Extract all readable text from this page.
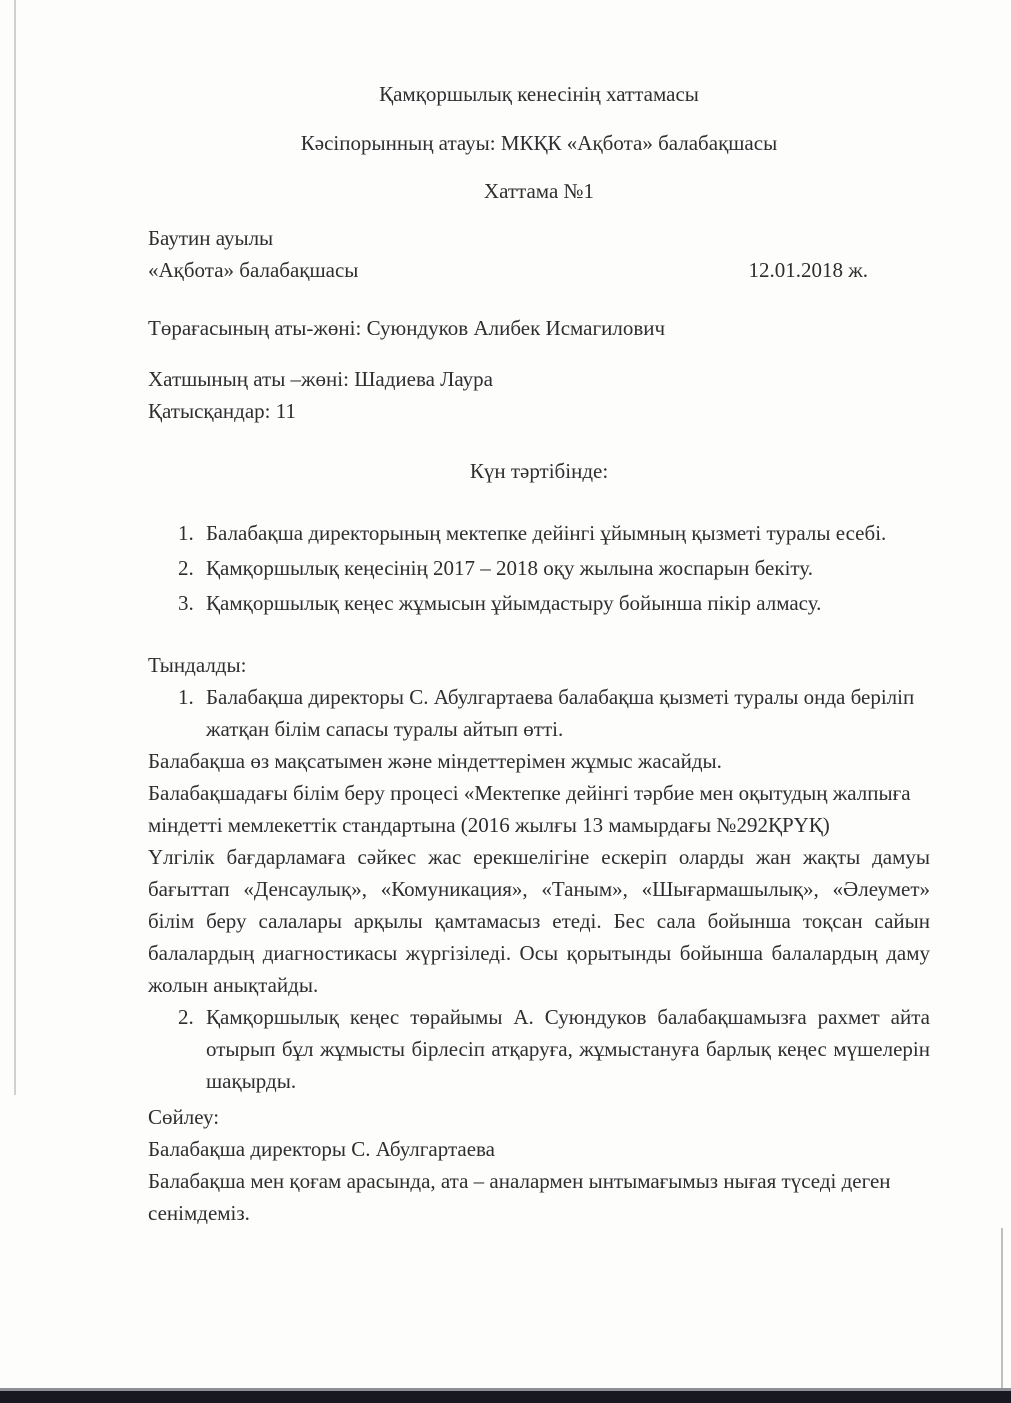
Қамқоршылық кенесінің хаттамасы
Кәсіпорынның атауы: МКҚК «Ақбота» балабақшасы
Хаттама №1

Баутин ауылы

«Ақбота» балабақшасы	12.01.2018 ж.

Төрағасының аты-жөні: Суюндуков Алибек Исмагилович

Хатшының аты –жөні: Шадиева Лаура

Қатысқандар: 11

Күн тәртібінде:

1. Балабақша директорының мектепке дейінгі ұйымның қызметі туралы есебі.
2. Қамқоршылық кеңесінің 2017 – 2018 оқу жылына жоспарын бекіту.
3. Қамқоршылық кеңес жұмысын ұйымдастыру бойынша пікір алмасу.

Тындалды:

1. Балабақша директоры С. Абулгартаева балабақша қызметі туралы онда беріліп жатқан білім сапасы туралы айтып өтті.

Балабақша өз мақсатымен және міндеттерімен жұмыс жасайды.

Балабақшадағы білім беру процесі «Мектепке дейінгі тәрбие мен оқытудың жалпыға міндетті мемлекеттік стандартына (2016 жылғы 13 мамырдағы №292ҚРҮҚ)

Үлгілік бағдарламаға сәйкес жас ерекшелігіне ескеріп оларды жан жақты дамуы бағыттап «Денсаулық», «Комуникация», «Таным», «Шығармашылық», «Әлеумет» білім беру салалары арқылы қамтамасыз етеді. Бес сала бойынша тоқсан сайын балалардың диагностикасы жүргізіледі. Осы қорытынды бойынша балалардың даму жолын анықтайды.

2. Қамқоршылық кеңес төрайымы А. Суюндуков балабақшамызға рахмет айта отырып бұл жұмысты бірлесіп атқаруға, жұмыстануға барлық кеңес мүшелерін шақырды.

Сөйлеу:

Балабақша директоры С. Абулгартаева

Балабақша мен қоғам арасында, ата – аналармен ынтымағымыз нығая түседі деген сенімдеміз.
